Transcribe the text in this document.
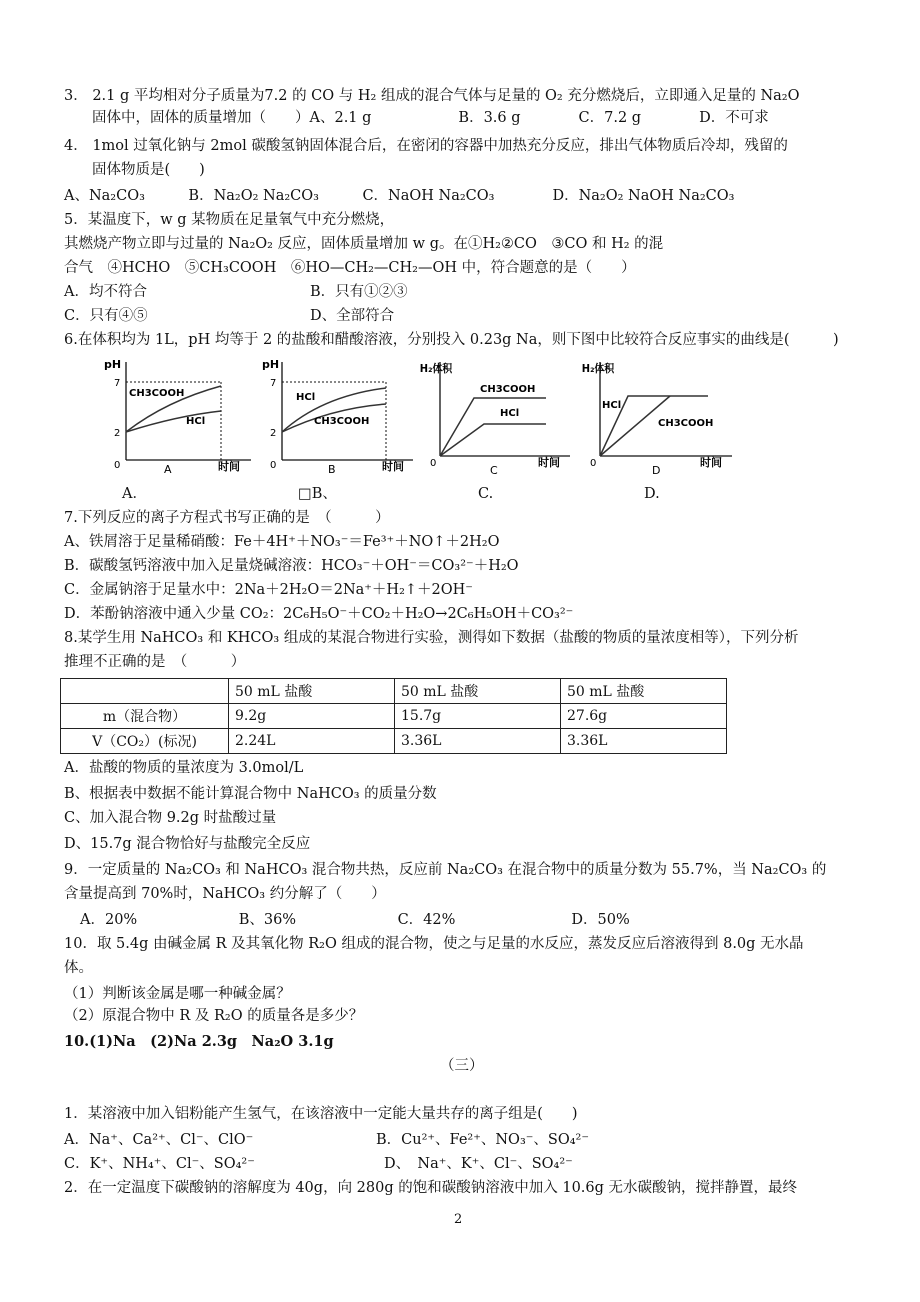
3． 2.1 g 平均相对分子质量为7.2 的 CO 与 H₂ 组成的混合气体与足量的 O₂ 充分燃烧后，立即通入足量的 Na₂O
固体中，固体的质量增加（　　）A、2.1 g　　　　　　B．3.6 g　　　　C．7.2 g　　　　D．不可求
4． 1mol 过氧化钠与 2mol 碳酸氢钠固体混合后，在密闭的容器中加热充分反应，排出气体物质后冷却，残留的
固体物质是(　　)
A、Na₂CO₃　　　B．Na₂O₂ Na₂CO₃　　　C．NaOH Na₂CO₃　　　　D．Na₂O₂ NaOH Na₂CO₃
5．某温度下，w g 某物质在足量氧气中充分燃烧，
其燃烧产物立即与过量的 Na₂O₂ 反应，固体质量增加 w g。在①H₂②CO　③CO 和 H₂ 的混
合气　④HCHO　⑤CH₃COOH　⑥HO—CH₂—CH₂—OH 中，符合题意的是（　　）
A．均不符合	B．只有①②③
C．只有④⑤	D、全部符合
6.在体积均为 1L，pH 均等于 2 的盐酸和醋酸溶液，分别投入 0.23g Na，则下图中比较符合反应事实的曲线是(　　　)
pH
7
2
0
CH3COOH
HCl
A	时间
pH
7
2
0
HCl
CH3COOH
B	时间
H₂体积
0
CH3COOH
HCl
C
时间
H₂体积
0
HCl
CH3COOH
D
时间
A．	□B、	C.	D.
7.下列反应的离子方程式书写正确的是　（　　　）
A、铁屑溶于足量稀硝酸：Fe＋4H⁺＋NO₃⁻＝Fe³⁺＋NO↑＋2H₂O
B．碳酸氢钙溶液中加入足量烧碱溶液：HCO₃⁻＋OH⁻＝CO₃²⁻＋H₂O
C．金属钠溶于足量水中：2Na＋2H₂O＝2Na⁺＋H₂↑＋2OH⁻
D．苯酚钠溶液中通入少量 CO₂：2C₆H₅O⁻＋CO₂＋H₂O→2C₆H₅OH＋CO₃²⁻
8.某学生用 NaHCO₃ 和 KHCO₃ 组成的某混合物进行实验，测得如下数据（盐酸的物质的量浓度相等），下列分析
推理不正确的是　（　　　）
	50 mL 盐酸	50 mL 盐酸	50 mL 盐酸
m（混合物）	9.2g	15.7g	27.6g
V（CO₂）(标况)	2.24L	3.36L	3.36L
A．盐酸的物质的量浓度为 3.0mol/L
B、根据表中数据不能计算混合物中 NaHCO₃ 的质量分数
C、加入混合物 9.2g 时盐酸过量
D、15.7g 混合物恰好与盐酸完全反应
9．一定质量的 Na₂CO₃ 和 NaHCO₃ 混合物共热，反应前 Na₂CO₃ 在混合物中的质量分数为 55.7%，当 Na₂CO₃ 的
含量提高到 70%时，NaHCO₃ 约分解了（　　）
A．20%　　　　　　　B、36%　　　　　　　C．42%　　　　　　　　D．50%
10．取 5.4g 由碱金属 R 及其氧化物 R₂O 组成的混合物，使之与足量的水反应，蒸发反应后溶液得到 8.0g 无水晶
体。
（1）判断该金属是哪一种碱金属？
（2）原混合物中 R 及 R₂O 的质量各是多少？
10.(1)Na　(2)Na 2.3g　Na₂O 3.1g
（三）
1．某溶液中加入铝粉能产生氢气，在该溶液中一定能大量共存的离子组是(　　)
A．Na⁺、Ca²⁺、Cl⁻、ClO⁻	B．Cu²⁺、Fe²⁺、NO₃⁻、SO₄²⁻
C．K⁺、NH₄⁺、Cl⁻、SO₄²⁻	D、　Na⁺、K⁺、Cl⁻、SO₄²⁻
2．在一定温度下碳酸钠的溶解度为 40g，向 280g 的饱和碳酸钠溶液中加入 10.6g 无水碳酸钠，搅拌静置，最终
2
